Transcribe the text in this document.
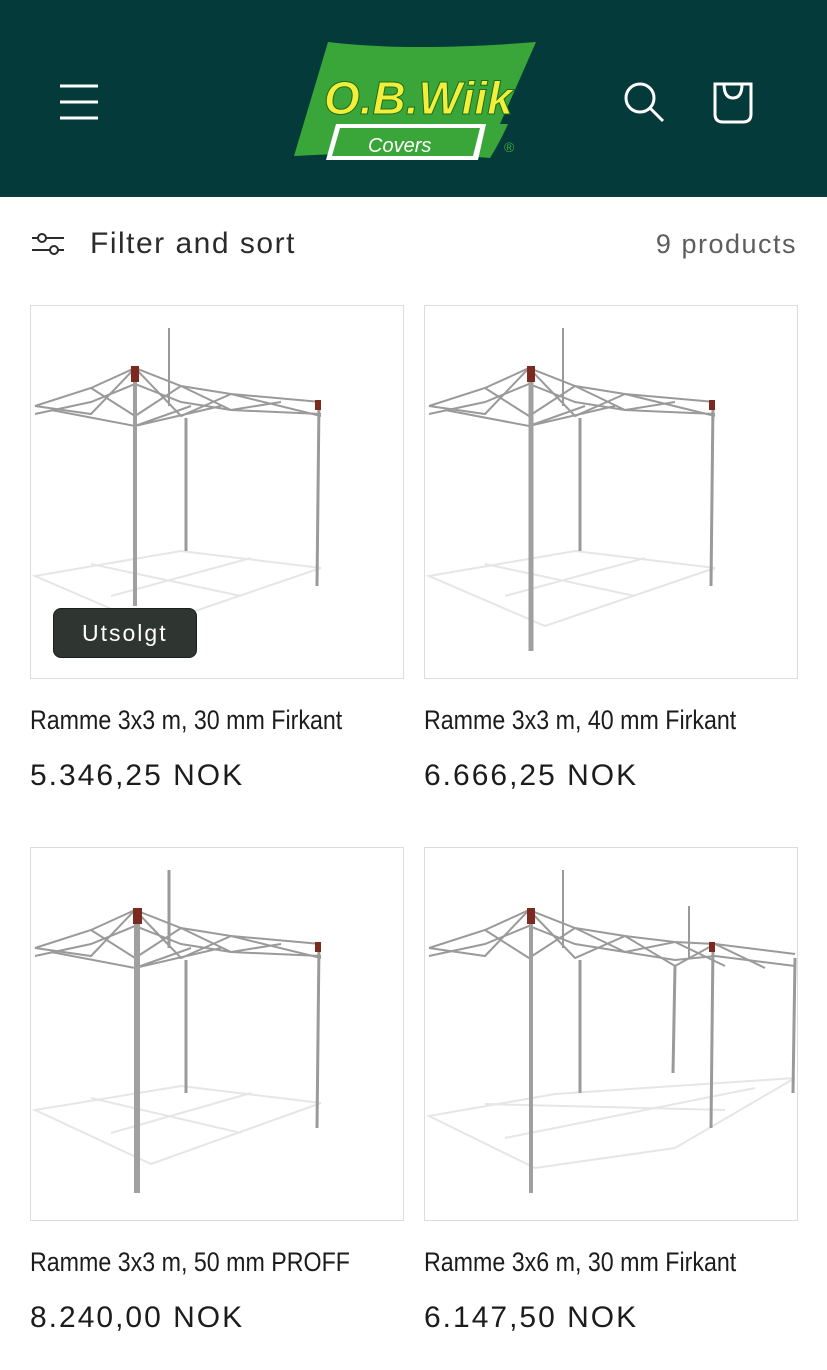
O.B.Wiik
Covers	®
Filter and sort	9 products
Utsolgt
Ramme 3x3 m, 30 mm Firkant
5.346,25 NOK
Ramme 3x3 m, 40 mm Firkant
6.666,25 NOK
Ramme 3x3 m, 50 mm PROFF
8.240,00 NOK
Ramme 3x6 m, 30 mm Firkant
6.147,50 NOK
